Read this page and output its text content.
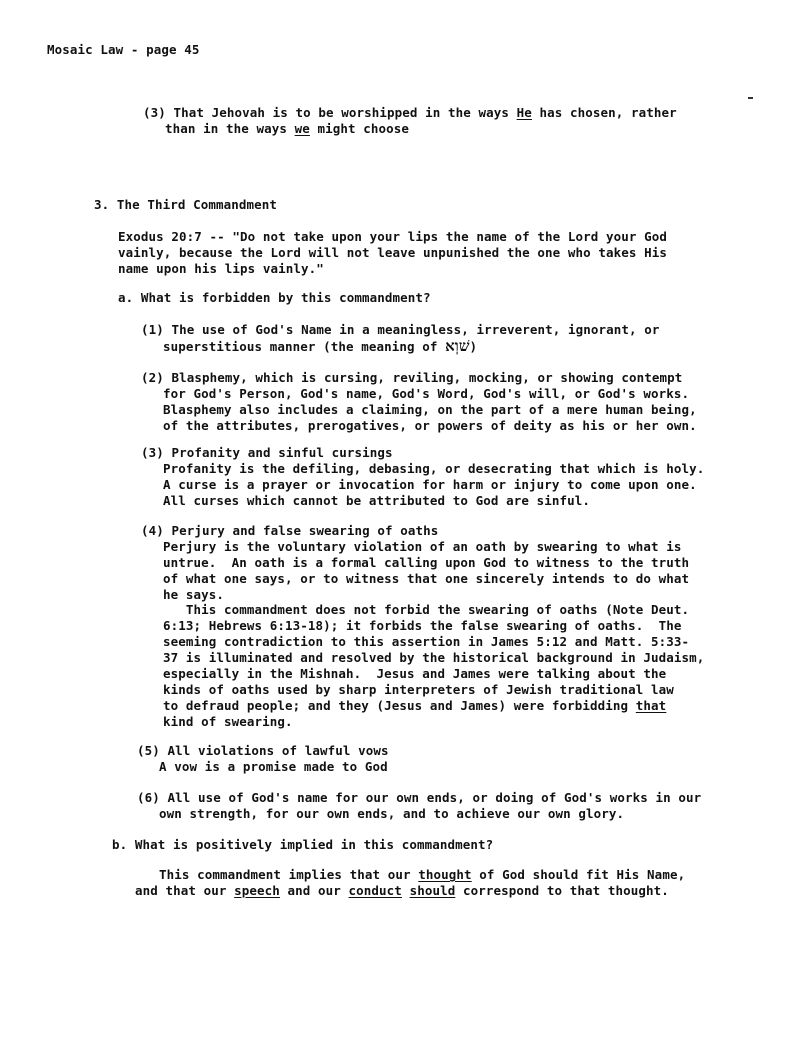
Mosaic Law - page 45
(3) That Jehovah is to be worshipped in the ways He has chosen, rather
than in the ways we might choose
3. The Third Commandment
Exodus 20:7 -- "Do not take upon your lips the name of the Lord your God
vainly, because the Lord will not leave unpunished the one who takes His
name upon his lips vainly."
a. What is forbidden by this commandment?
(1) The use of God's Name in a meaningless, irreverent, ignorant, or
superstitious manner (the meaning of שׁוְא)
(2) Blasphemy, which is cursing, reviling, mocking, or showing contempt
for God's Person, God's name, God's Word, God's will, or God's works.
Blasphemy also includes a claiming, on the part of a mere human being,
of the attributes, prerogatives, or powers of deity as his or her own.
(3) Profanity and sinful cursings
Profanity is the defiling, debasing, or desecrating that which is holy.
A curse is a prayer or invocation for harm or injury to come upon one.
All curses which cannot be attributed to God are sinful.
(4) Perjury and false swearing of oaths
Perjury is the voluntary violation of an oath by swearing to what is
untrue.  An oath is a formal calling upon God to witness to the truth
of what one says, or to witness that one sincerely intends to do what
he says.
This commandment does not forbid the swearing of oaths (Note Deut.
6:13; Hebrews 6:13-18); it forbids the false swearing of oaths.  The
seeming contradiction to this assertion in James 5:12 and Matt. 5:33-
37 is illuminated and resolved by the historical background in Judaism,
especially in the Mishnah.  Jesus and James were talking about the
kinds of oaths used by sharp interpreters of Jewish traditional law
to defraud people; and they (Jesus and James) were forbidding that
kind of swearing.
(5) All violations of lawful vows
A vow is a promise made to God
(6) All use of God's name for our own ends, or doing of God's works in our
own strength, for our own ends, and to achieve our own glory.
b. What is positively implied in this commandment?
This commandment implies that our thought of God should fit His Name,
and that our speech and our conduct should correspond to that thought.
